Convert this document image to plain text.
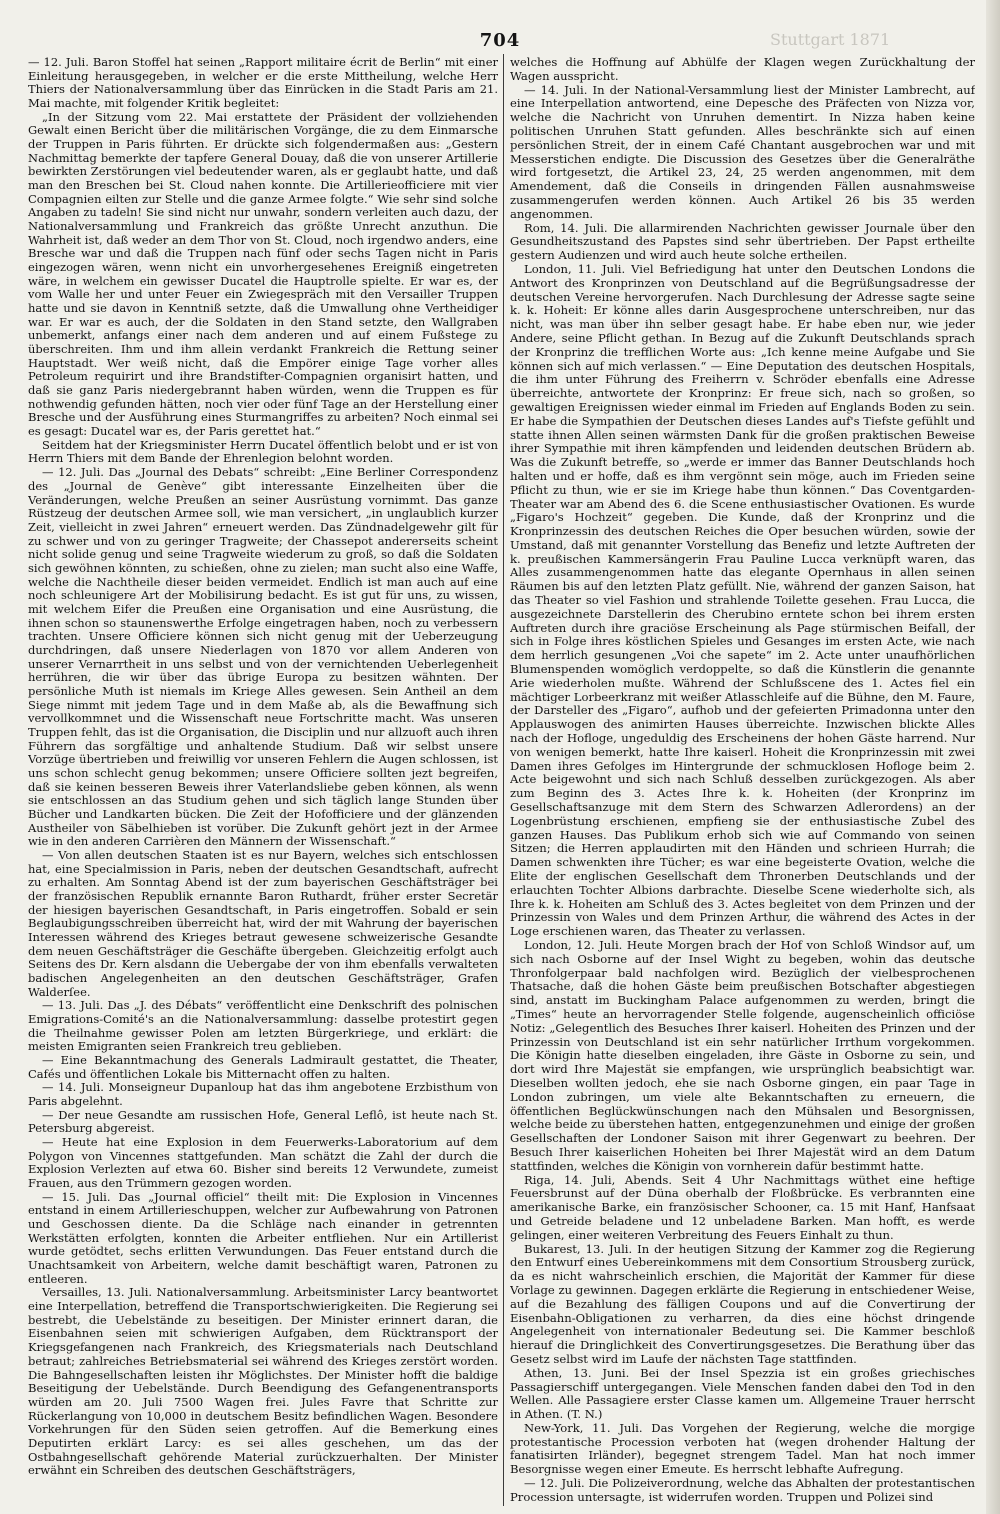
Stuttgart 1871
704

— 12. Juli. Baron Stoffel hat seinen „Rapport militaire écrit de Berlin“ mit einer Einleitung herausgegeben, in welcher er die erste Mittheilung, welche Herr Thiers der Nationalversammlung über das Einrücken in die Stadt Paris am 21. Mai machte, mit folgender Kritik begleitet:

„In der Sitzung vom 22. Mai erstattete der Präsident der vollziehenden Gewalt einen Bericht über die militärischen Vorgänge, die zu dem Einmarsche der Truppen in Paris führten. Er drückte sich folgendermaßen aus: „Gestern Nachmittag bemerkte der tapfere General Douay, daß die von unserer Artillerie bewirkten Zerstörungen viel bedeutender waren, als er geglaubt hatte, und daß man den Breschen bei St. Cloud nahen konnte. Die Artillerieofficiere mit vier Compagnien eilten zur Stelle und die ganze Armee folgte.“ Wie sehr sind solche Angaben zu tadeln! Sie sind nicht nur unwahr, sondern verleiten auch dazu, der Nationalversammlung und Frankreich das größte Unrecht anzuthun. Die Wahrheit ist, daß weder an dem Thor von St. Cloud, noch irgendwo anders, eine Bresche war und daß die Truppen nach fünf oder sechs Tagen nicht in Paris eingezogen wären, wenn nicht ein unvorhergesehenes Ereigniß eingetreten wäre, in welchem ein gewisser Ducatel die Hauptrolle spielte. Er war es, der vom Walle her und unter Feuer ein Zwiegespräch mit den Versailler Truppen hatte und sie davon in Kenntniß setzte, daß die Umwallung ohne Vertheidiger war. Er war es auch, der die Soldaten in den Stand setzte, den Wallgraben unbemerkt, anfangs einer nach dem anderen und auf einem Fußstege zu überschreiten. Ihm und ihm allein verdankt Frankreich die Rettung seiner Hauptstadt. Wer weiß nicht, daß die Empörer einige Tage vorher alles Petroleum requirirt und ihre Brandstifter-Compagnien organisirt hatten, und daß sie ganz Paris niedergebrannt haben würden, wenn die Truppen es für nothwendig gefunden hätten, noch vier oder fünf Tage an der Herstellung einer Bresche und der Ausführung eines Sturmangriffes zu arbeiten? Noch einmal sei es gesagt: Ducatel war es, der Paris gerettet hat.“

Seitdem hat der Kriegsminister Herrn Ducatel öffentlich belobt und er ist von Herrn Thiers mit dem Bande der Ehrenlegion belohnt worden.

— 12. Juli. Das „Journal des Debats“ schreibt: „Eine Berliner Correspondenz des „Journal de Genève“ gibt interessante Einzelheiten über die Veränderungen, welche Preußen an seiner Ausrüstung vornimmt. Das ganze Rüstzeug der deutschen Armee soll, wie man versichert, „in unglaublich kurzer Zeit, vielleicht in zwei Jahren“ erneuert werden. Das Zündnadelgewehr gilt für zu schwer und von zu geringer Tragweite; der Chassepot andererseits scheint nicht solide genug und seine Tragweite wiederum zu groß, so daß die Soldaten sich gewöhnen könnten, zu schießen, ohne zu zielen; man sucht also eine Waffe, welche die Nachtheile dieser beiden vermeidet. Endlich ist man auch auf eine noch schleunigere Art der Mobilisirung bedacht. Es ist gut für uns, zu wissen, mit welchem Eifer die Preußen eine Organisation und eine Ausrüstung, die ihnen schon so staunenswerthe Erfolge eingetragen haben, noch zu verbessern trachten. Unsere Officiere können sich nicht genug mit der Ueberzeugung durchdringen, daß unsere Niederlagen von 1870 vor allem Anderen von unserer Vernarrtheit in uns selbst und von der vernichtenden Ueberlegenheit herrühren, die wir über das übrige Europa zu besitzen wähnten. Der persönliche Muth ist niemals im Kriege Alles gewesen. Sein Antheil an dem Siege nimmt mit jedem Tage und in dem Maße ab, als die Bewaffnung sich vervollkommnet und die Wissenschaft neue Fortschritte macht. Was unseren Truppen fehlt, das ist die Organisation, die Disciplin und nur allzuoft auch ihren Führern das sorgfältige und anhaltende Studium. Daß wir selbst unsere Vorzüge übertrieben und freiwillig vor unseren Fehlern die Augen schlossen, ist uns schon schlecht genug bekommen; unsere Officiere sollten jezt begreifen, daß sie keinen besseren Beweis ihrer Vaterlandsliebe geben können, als wenn sie entschlossen an das Studium gehen und sich täglich lange Stunden über Bücher und Landkarten bücken. Die Zeit der Hofofficiere und der glänzenden Austheiler von Säbelhieben ist vorüber. Die Zukunft gehört jezt in der Armee wie in den anderen Carrièren den Männern der Wissenschaft.“

— Von allen deutschen Staaten ist es nur Bayern, welches sich entschlossen hat, eine Specialmission in Paris, neben der deutschen Gesandtschaft, aufrecht zu erhalten. Am Sonntag Abend ist der zum bayerischen Geschäftsträger bei der französischen Republik ernannte Baron Ruthardt, früher erster Secretär der hiesigen bayerischen Gesandtschaft, in Paris eingetroffen. Sobald er sein Beglaubigungsschreiben überreicht hat, wird der mit Wahrung der bayerischen Interessen während des Krieges betraut gewesene schweizerische Gesandte dem neuen Geschäftsträger die Geschäfte übergeben. Gleichzeitig erfolgt auch Seitens des Dr. Kern alsdann die Uebergabe der von ihm ebenfalls verwalteten badischen Angelegenheiten an den deutschen Geschäftsträger, Grafen Walderſee.

— 13. Juli. Das „J. des Débats“ veröffentlicht eine Denkschrift des polnischen Emigrations-Comité's an die Nationalversammlung: dasselbe protestirt gegen die Theilnahme gewisser Polen am letzten Bürgerkriege, und erklärt: die meisten Emigranten seien Frankreich treu geblieben.

— Eine Bekanntmachung des Generals Ladmirault gestattet, die Theater, Cafés und öffentlichen Lokale bis Mitternacht offen zu halten.

— 14. Juli. Monseigneur Dupanloup hat das ihm angebotene Erzbisthum von Paris abgelehnt.

— Der neue Gesandte am russischen Hofe, General Leflô, ist heute nach St. Petersburg abgereist.

— Heute hat eine Explosion in dem Feuerwerks-Laboratorium auf dem Polygon von Vincennes stattgefunden. Man schätzt die Zahl der durch die Explosion Verlezten auf etwa 60. Bisher sind bereits 12 Verwundete, zumeist Frauen, aus den Trümmern gezogen worden.

— 15. Juli. Das „Journal officiel“ theilt mit: Die Explosion in Vincennes entstand in einem Artillerieschuppen, welcher zur Aufbewahrung von Patronen und Geschossen diente. Da die Schläge nach einander in getrennten Werkstätten erfolgten, konnten die Arbeiter entfliehen. Nur ein Artillerist wurde getödtet, sechs erlitten Verwundungen. Das Feuer entstand durch die Unachtsamkeit von Arbeitern, welche damit beschäftigt waren, Patronen zu entleeren.

Versailles, 13. Juli. Nationalversammlung. Arbeitsminister Larcy beantwortet eine Interpellation, betreffend die Transportschwierigkeiten. Die Regierung sei bestrebt, die Uebelstände zu beseitigen. Der Minister erinnert daran, die Eisenbahnen seien mit schwierigen Aufgaben, dem Rücktransport der Kriegsgefangenen nach Frankreich, des Kriegsmaterials nach Deutschland betraut; zahlreiches Betriebsmaterial sei während des Krieges zerstört worden. Die Bahngesellschaften leisten ihr Möglichstes. Der Minister hofft die baldige Beseitigung der Uebelstände. Durch Beendigung des Gefangenentransports würden am 20. Juli 7500 Wagen frei. Jules Favre that Schritte zur Rückerlangung von 10,000 in deutschem Besitz befindlichen Wagen. Besondere Vorkehrungen für den Süden seien getroffen. Auf die Bemerkung eines Deputirten erklärt Larcy: es sei alles geschehen, um das der Ostbahngesellschaft gehörende Material zurückzuerhalten. Der Minister erwähnt ein Schreiben des deutschen Geschäftsträgers,

welches die Hoffnung auf Abhülfe der Klagen wegen Zurückhaltung der Wagen ausspricht.

— 14. Juli. In der National-Versammlung liest der Minister Lambrecht, auf eine Interpellation antwortend, eine Depesche des Präfecten von Nizza vor, welche die Nachricht von Unruhen dementirt. In Nizza haben keine politischen Unruhen Statt gefunden. Alles beschränkte sich auf einen persönlichen Streit, der in einem Café Chantant ausgebrochen war und mit Messerstichen endigte. Die Discussion des Gesetzes über die Generalräthe wird fortgesetzt, die Artikel 23, 24, 25 werden angenommen, mit dem Amendement, daß die Conseils in dringenden Fällen ausnahmsweise zusammengerufen werden können. Auch Artikel 26 bis 35 werden angenommen.

Rom, 14. Juli. Die allarmirenden Nachrichten gewisser Journale über den Gesundheitszustand des Papstes sind sehr übertrieben. Der Papst ertheilte gestern Audienzen und wird auch heute solche ertheilen.

London, 11. Juli. Viel Befriedigung hat unter den Deutschen Londons die Antwort des Kronprinzen von Deutschland auf die Begrüßungsadresse der deutschen Vereine hervorgerufen. Nach Durchlesung der Adresse sagte seine k. k. Hoheit: Er könne alles darin Ausgesprochene unterschreiben, nur das nicht, was man über ihn selber gesagt habe. Er habe eben nur, wie jeder Andere, seine Pflicht gethan. In Bezug auf die Zukunft Deutschlands sprach der Kronprinz die trefflichen Worte aus: „Ich kenne meine Aufgabe und Sie können sich auf mich verlassen.“ — Eine Deputation des deutschen Hospitals, die ihm unter Führung des Freiherrn v. Schröder ebenfalls eine Adresse überreichte, antwortete der Kronprinz: Er freue sich, nach so großen, so gewaltigen Ereignissen wieder einmal im Frieden auf Englands Boden zu sein. Er habe die Sympathien der Deutschen dieses Landes auf's Tiefste gefühlt und statte ihnen Allen seinen wärmsten Dank für die großen praktischen Beweise ihrer Sympathie mit ihren kämpfenden und leidenden deutschen Brüdern ab. Was die Zukunft betreffe, so „werde er immer das Banner Deutschlands hoch halten und er hoffe, daß es ihm vergönnt sein möge, auch im Frieden seine Pflicht zu thun, wie er sie im Kriege habe thun können.“ Das Coventgarden-Theater war am Abend des 6. die Scene enthusiastischer Ovationen. Es wurde „Figaro's Hochzeit“ gegeben. Die Kunde, daß der Kronprinz und die Kronprinzessin des deutschen Reiches die Oper besuchen würden, sowie der Umstand, daß mit genannter Vorstellung das Benefiz und letzte Auftreten der k. preußischen Kammersängerin Frau Pauline Lucca verknüpft waren, das Alles zusammengenommen hatte das elegante Opernhaus in allen seinen Räumen bis auf den letzten Platz gefüllt. Nie, während der ganzen Saison, hat das Theater so viel Fashion und strahlende Toilette gesehen. Frau Lucca, die ausgezeichnete Darstellerin des Cherubino erntete schon bei ihrem ersten Auftreten durch ihre graciöse Erscheinung als Page stürmischen Beifall, der sich in Folge ihres köstlichen Spieles und Gesanges im ersten Acte, wie nach dem herrlich gesungenen „Voi che sapete“ im 2. Acte unter unaufhörlichen Blumenspenden womöglich verdoppelte, so daß die Künstlerin die genannte Arie wiederholen mußte. Während der Schlußscene des 1. Actes fiel ein mächtiger Lorbeerkranz mit weißer Atlasschleife auf die Bühne, den M. Faure, der Darsteller des „Figaro“, aufhob und der gefeierten Primadonna unter den Applauswogen des animirten Hauses überreichte. Inzwischen blickte Alles nach der Hofloge, ungeduldig des Erscheinens der hohen Gäste harrend. Nur von wenigen bemerkt, hatte Ihre kaiserl. Hoheit die Kronprinzessin mit zwei Damen ihres Gefolges im Hintergrunde der schmucklosen Hofloge beim 2. Acte beigewohnt und sich nach Schluß desselben zurückgezogen. Als aber zum Beginn des 3. Actes Ihre k. k. Hoheiten (der Kronprinz im Gesellschaftsanzuge mit dem Stern des Schwarzen Adlerordens) an der Logenbrüstung erschienen, empfieng sie der enthusiastische Zubel des ganzen Hauses. Das Publikum erhob sich wie auf Commando von seinen Sitzen; die Herren applaudirten mit den Händen und schrieen Hurrah; die Damen schwenkten ihre Tücher; es war eine begeisterte Ovation, welche die Elite der englischen Gesellschaft dem Thronerben Deutschlands und der erlauchten Tochter Albions darbrachte. Dieselbe Scene wiederholte sich, als Ihre k. k. Hoheiten am Schluß des 3. Actes begleitet von dem Prinzen und der Prinzessin von Wales und dem Prinzen Arthur, die während des Actes in der Loge erschienen waren, das Theater zu verlassen.

London, 12. Juli. Heute Morgen brach der Hof von Schloß Windsor auf, um sich nach Osborne auf der Insel Wight zu begeben, wohin das deutsche Thronfolgerpaar bald nachfolgen wird. Bezüglich der vielbesprochenen Thatsache, daß die hohen Gäste beim preußischen Botschafter abgestiegen sind, anstatt im Buckingham Palace aufgenommen zu werden, bringt die „Times“ heute an hervorragender Stelle folgende, augenscheinlich officiöse Notiz: „Gelegentlich des Besuches Ihrer kaiserl. Hoheiten des Prinzen und der Prinzessin von Deutschland ist ein sehr natürlicher Irrthum vorgekommen. Die Königin hatte dieselben eingeladen, ihre Gäste in Osborne zu sein, und dort wird Ihre Majestät sie empfangen, wie ursprünglich beabsichtigt war. Dieselben wollten jedoch, ehe sie nach Osborne gingen, ein paar Tage in London zubringen, um viele alte Bekanntschaften zu erneuern, die öffentlichen Beglückwünschungen nach den Mühsalen und Besorgnissen, welche beide zu überstehen hatten, entgegenzunehmen und einige der großen Gesellschaften der Londoner Saison mit ihrer Gegenwart zu beehren. Der Besuch Ihrer kaiserlichen Hoheiten bei Ihrer Majestät wird an dem Datum stattfinden, welches die Königin von vornherein dafür bestimmt hatte.

Riga, 14. Juli, Abends. Seit 4 Uhr Nachmittags wüthet eine heftige Feuersbrunst auf der Düna oberhalb der Floßbrücke. Es verbrannten eine amerikanische Barke, ein französischer Schooner, ca. 15 mit Hanf, Hanfsaat und Getreide beladene und 12 unbeladene Barken. Man hofft, es werde gelingen, einer weiteren Verbreitung des Feuers Einhalt zu thun.

Bukarest, 13. Juli. In der heutigen Sitzung der Kammer zog die Regierung den Entwurf eines Uebereinkommens mit dem Consortium Strousberg zurück, da es nicht wahrscheinlich erschien, die Majorität der Kammer für diese Vorlage zu gewinnen. Dagegen erklärte die Regierung in entschiedener Weise, auf die Bezahlung des fälligen Coupons und auf die Convertirung der Eisenbahn-Obligationen zu verharren, da dies eine höchst dringende Angelegenheit von internationaler Bedeutung sei. Die Kammer beschloß hierauf die Dringlichkeit des Convertirungsgesetzes. Die Berathung über das Gesetz selbst wird im Laufe der nächsten Tage stattfinden.

Athen, 13. Juni. Bei der Insel Spezzia ist ein großes griechisches Passagierschiff untergegangen. Viele Menschen fanden dabei den Tod in den Wellen. Alle Passagiere erster Classe kamen um. Allgemeine Trauer herrscht in Athen. (T. N.)

New-York, 11. Juli. Das Vorgehen der Regierung, welche die morgige protestantische Procession verboten hat (wegen drohender Haltung der fanatisirten Irländer), begegnet strengem Tadel. Man hat noch immer Besorgnisse wegen einer Emeute. Es herrscht lebhafte Aufregung.

— 12. Juli. Die Polizeiverordnung, welche das Abhalten der protestantischen Procession untersagte, ist widerrufen worden. Truppen und Polizei sind
